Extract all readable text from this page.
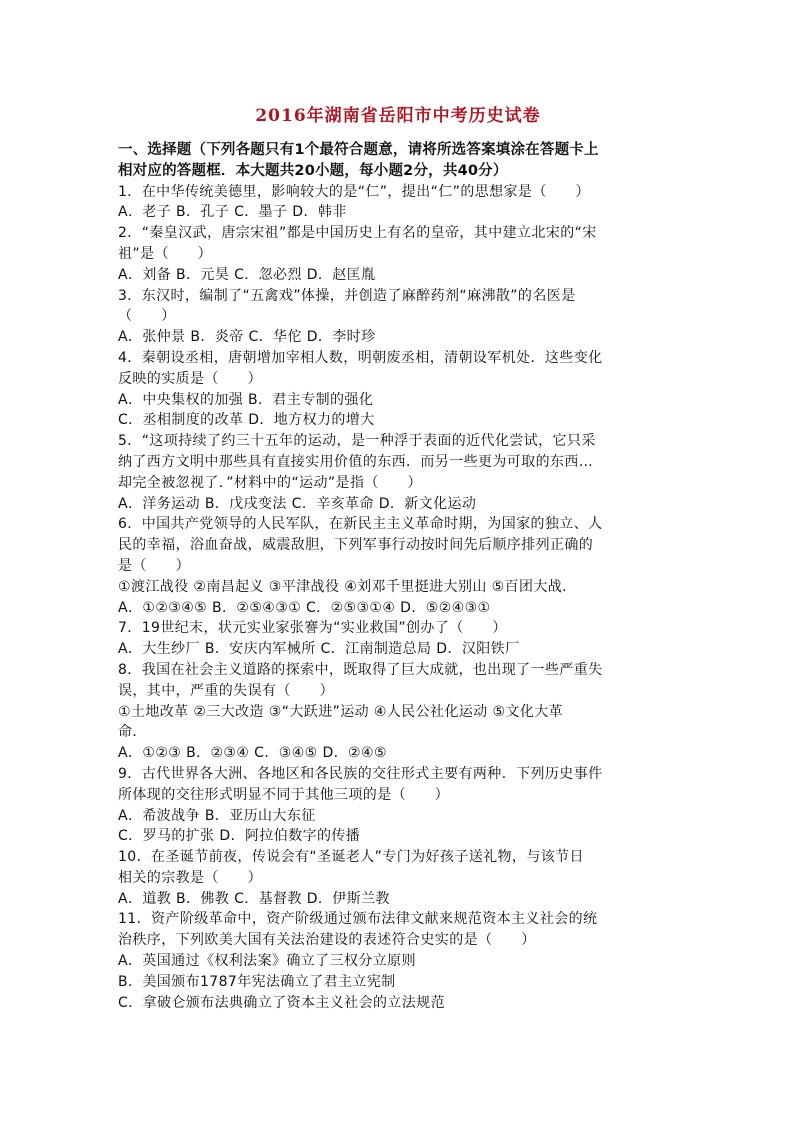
2016年湖南省岳阳市中考历史试卷
一、选择题（下列各题只有1个最符合题意，请将所选答案填涂在答题卡上
相对应的答题框．本大题共20小题，每小题2分，共40分）
1．在中华传统美德里，影响较大的是“仁”，提出“仁”的思想家是（　　）
A．老子 B．孔子 C．墨子 D．韩非
2．“秦皇汉武，唐宗宋祖”都是中国历史上有名的皇帝，其中建立北宋的“宋
祖”是（　　）
A．刘备 B．元昊 C．忽必烈 D．赵匡胤
3．东汉时，编制了“五禽戏”体操，并创造了麻醉药剂“麻沸散”的名医是
（　　）
A．张仲景 B．炎帝 C．华佗 D．李时珍
4．秦朝设丞相，唐朝增加宰相人数，明朝废丞相，清朝设军机处．这些变化
反映的实质是（　　）
A．中央集权的加强 B．君主专制的强化
C．丞相制度的改革 D．地方权力的增大
5．“这项持续了约三十五年的运动，是一种浮于表面的近代化尝试，它只采
纳了西方文明中那些具有直接实用价值的东西．而另一些更为可取的东西…
却完全被忽视了．”材料中的“运动”是指（　　）
A．洋务运动 B．戊戌变法 C．辛亥革命 D．新文化运动
6．中国共产党领导的人民军队，在新民主主义革命时期，为国家的独立、人
民的幸福，浴血奋战，威震敌胆，下列军事行动按时间先后顺序排列正确的
是（　　）
①渡江战役 ②南昌起义 ③平津战役 ④刘邓千里挺进大别山 ⑤百团大战．
A．①②③④⑤ B．②⑤④③① C．②⑤③①④ D．⑤②④③①
7．19世纪末，状元实业家张謇为“实业救国”创办了（　　）
A．大生纱厂 B．安庆内军械所 C．江南制造总局 D．汉阳铁厂
8．我国在社会主义道路的探索中，既取得了巨大成就，也出现了一些严重失
误，其中，严重的失误有（　　）
①土地改革 ②三大改造 ③“大跃进”运动 ④人民公社化运动 ⑤文化大革
命．
A．①②③ B．②③④ C．③④⑤ D．②④⑤
9．古代世界各大洲、各地区和各民族的交往形式主要有两种．下列历史事件
所体现的交往形式明显不同于其他三项的是（　　）
A．希波战争 B．亚历山大东征
C．罗马的扩张 D．阿拉伯数字的传播
10．在圣诞节前夜，传说会有“圣诞老人”专门为好孩子送礼物，与该节日
相关的宗教是（　　）
A．道教 B．佛教 C．基督教 D．伊斯兰教
11．资产阶级革命中，资产阶级通过颁布法律文献来规范资本主义社会的统
治秩序，下列欧美大国有关法治建设的表述符合史实的是（　　）
A．英国通过《权利法案》确立了三权分立原则
B．美国颁布1787年宪法确立了君主立宪制
C．拿破仑颁布法典确立了资本主义社会的立法规范
